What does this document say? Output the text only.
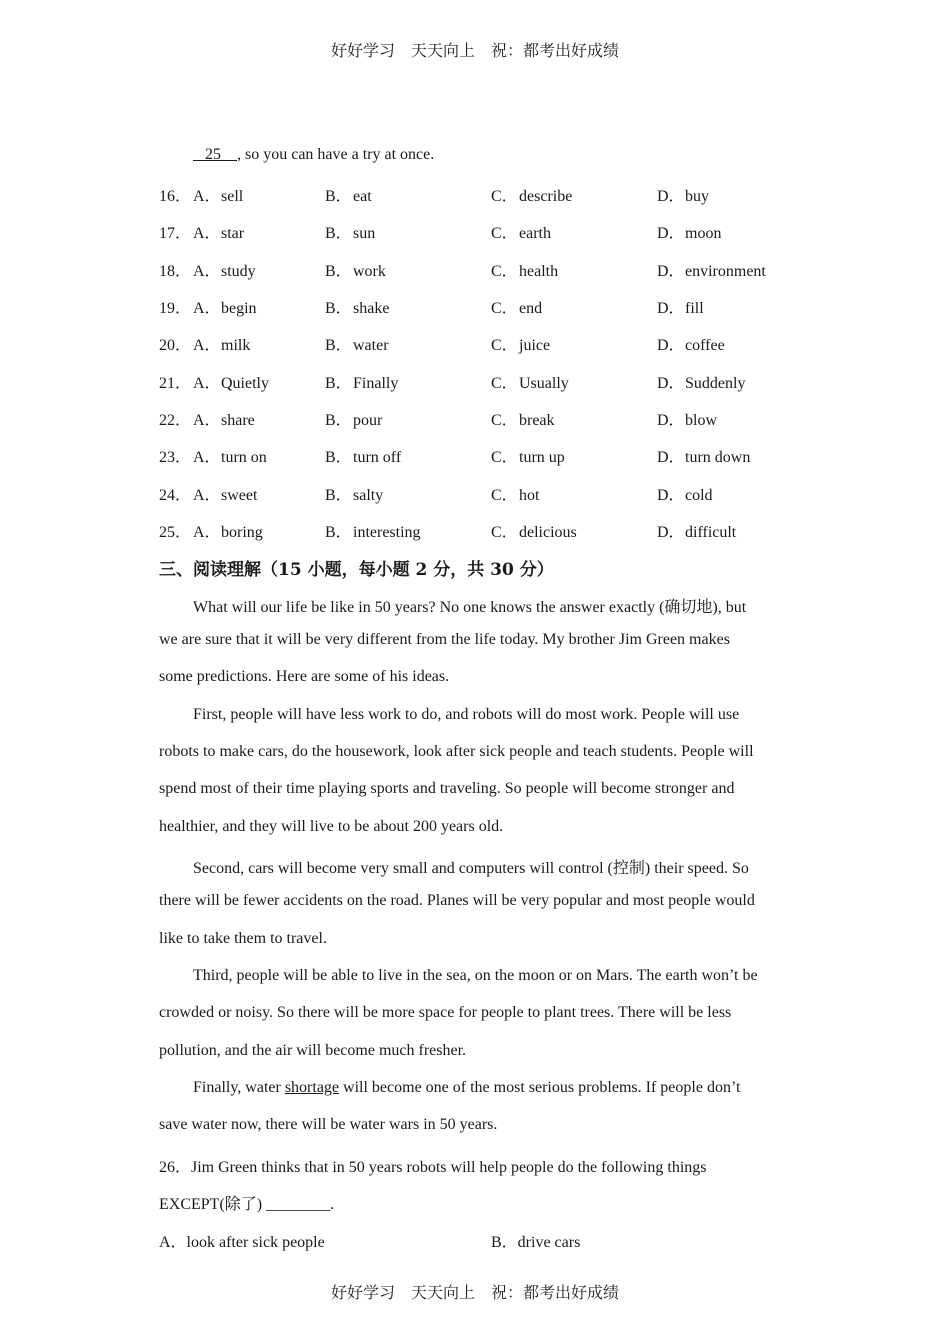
好好学习　天天向上　祝：都考出好成绩
25    , so you can have a try at once.
16． A．sell	B．eat	C．describe	D．buy
17． A．star	B．sun	C．earth	D．moon
18． A．study	B．work	C．health	D．environment
19． A．begin	B．shake	C．end	D．fill
20． A．milk	B．water	C．juice	D．coffee
21． A．Quietly	B．Finally	C．Usually	D．Suddenly
22． A．share	B．pour	C．break	D．blow
23． A．turn on	B．turn off	C．turn up	D．turn down
24． A．sweet	B．salty	C．hot	D．cold
25． A．boring	B．interesting	C．delicious	D．difficult
三、阅读理解（15 小题，每小题 2 分，共 30 分）
What will our life be like in 50 years? No one knows the answer exactly (确切地), but
we are sure that it will be very different from the life today. My brother Jim Green makes
some predictions. Here are some of his ideas.
First, people will have less work to do, and robots will do most work. People will use
robots to make cars, do the housework, look after sick people and teach students. People will
spend most of their time playing sports and traveling. So people will become stronger and
healthier, and they will live to be about 200 years old.
Second, cars will become very small and computers will control (控制) their speed. So
there will be fewer accidents on the road. Planes will be very popular and most people would
like to take them to travel.
Third, people will be able to live in the sea, on the moon or on Mars. The earth won’t be
crowded or noisy. So there will be more space for people to plant trees. There will be less
pollution, and the air will become much fresher.
Finally, water shortage will become one of the most serious problems. If people don’t
save water now, there will be water wars in 50 years.
26．Jim Green thinks that in 50 years robots will help people do the following things
EXCEPT(除了) ________.
A．look after sick people	B．drive cars
好好学习　天天向上　祝：都考出好成绩
